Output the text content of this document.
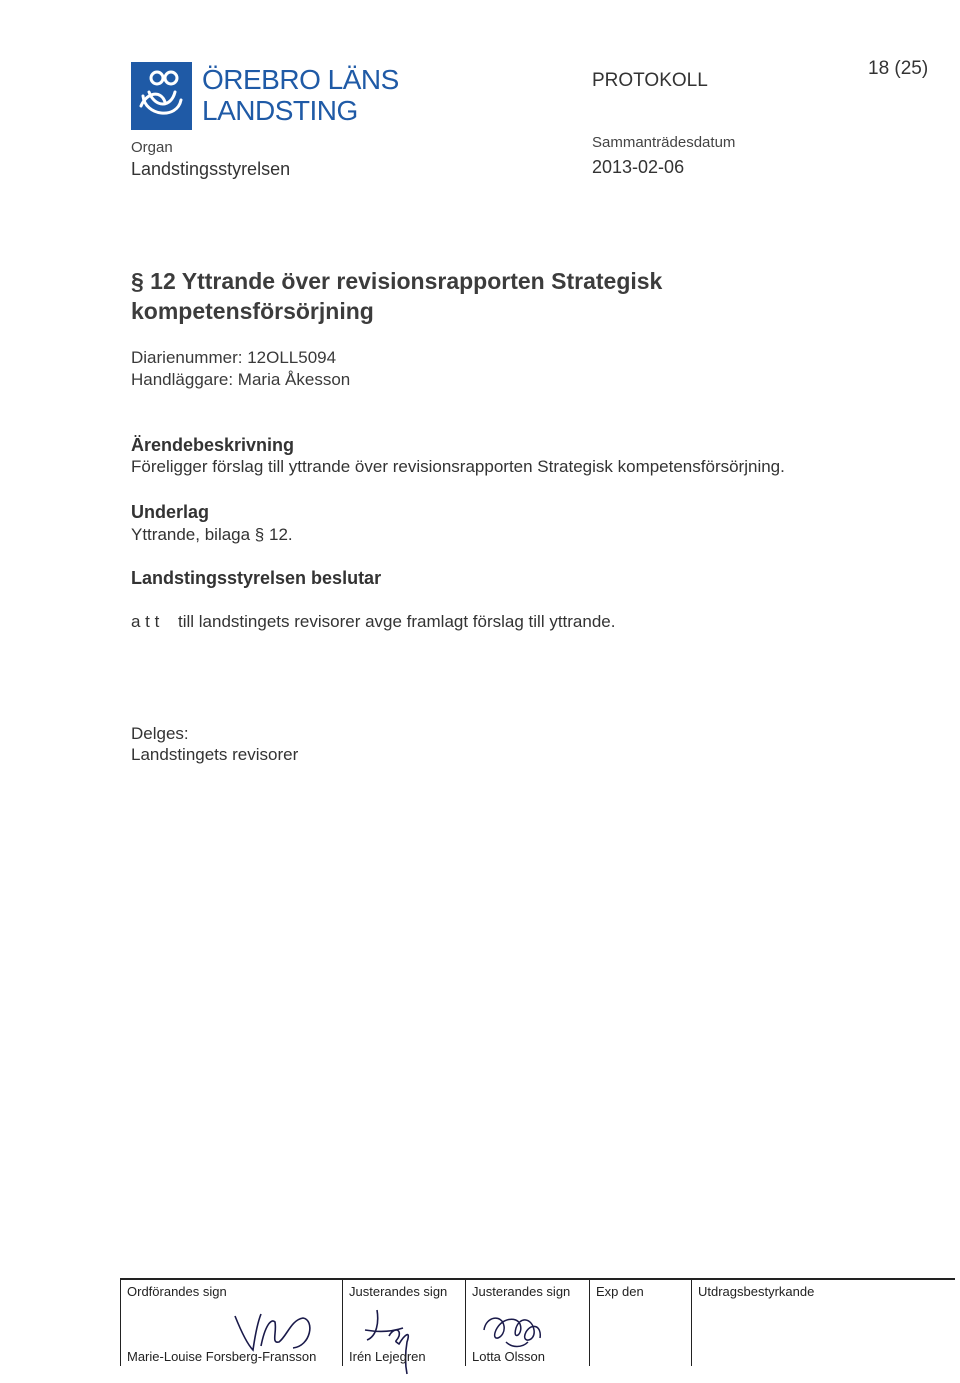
ÖREBRO LÄNS
LANDSTING
PROTOKOLL
18 (25)
Organ
Landstingsstyrelsen
Sammanträdesdatum
2013-02-06
§ 12 Yttrande över revisionsrapporten Strategisk kompetensförsörjning
Diarienummer: 12OLL5094
Handläggare: Maria Åkesson
Ärendebeskrivning
Föreligger förslag till yttrande över revisionsrapporten Strategisk kompetensförsörjning.
Underlag
Yttrande, bilaga § 12.
Landstingsstyrelsen beslutar
a t t till landstingets revisorer avge framlagt förslag till yttrande.
Delges:
Landstingets revisorer
Ordförandes sign
Marie-Louise Forsberg-Fransson
Justerandes sign
Irén Lejegren
Justerandes sign
Lotta Olsson
Exp den	Utdragsbestyrkande
